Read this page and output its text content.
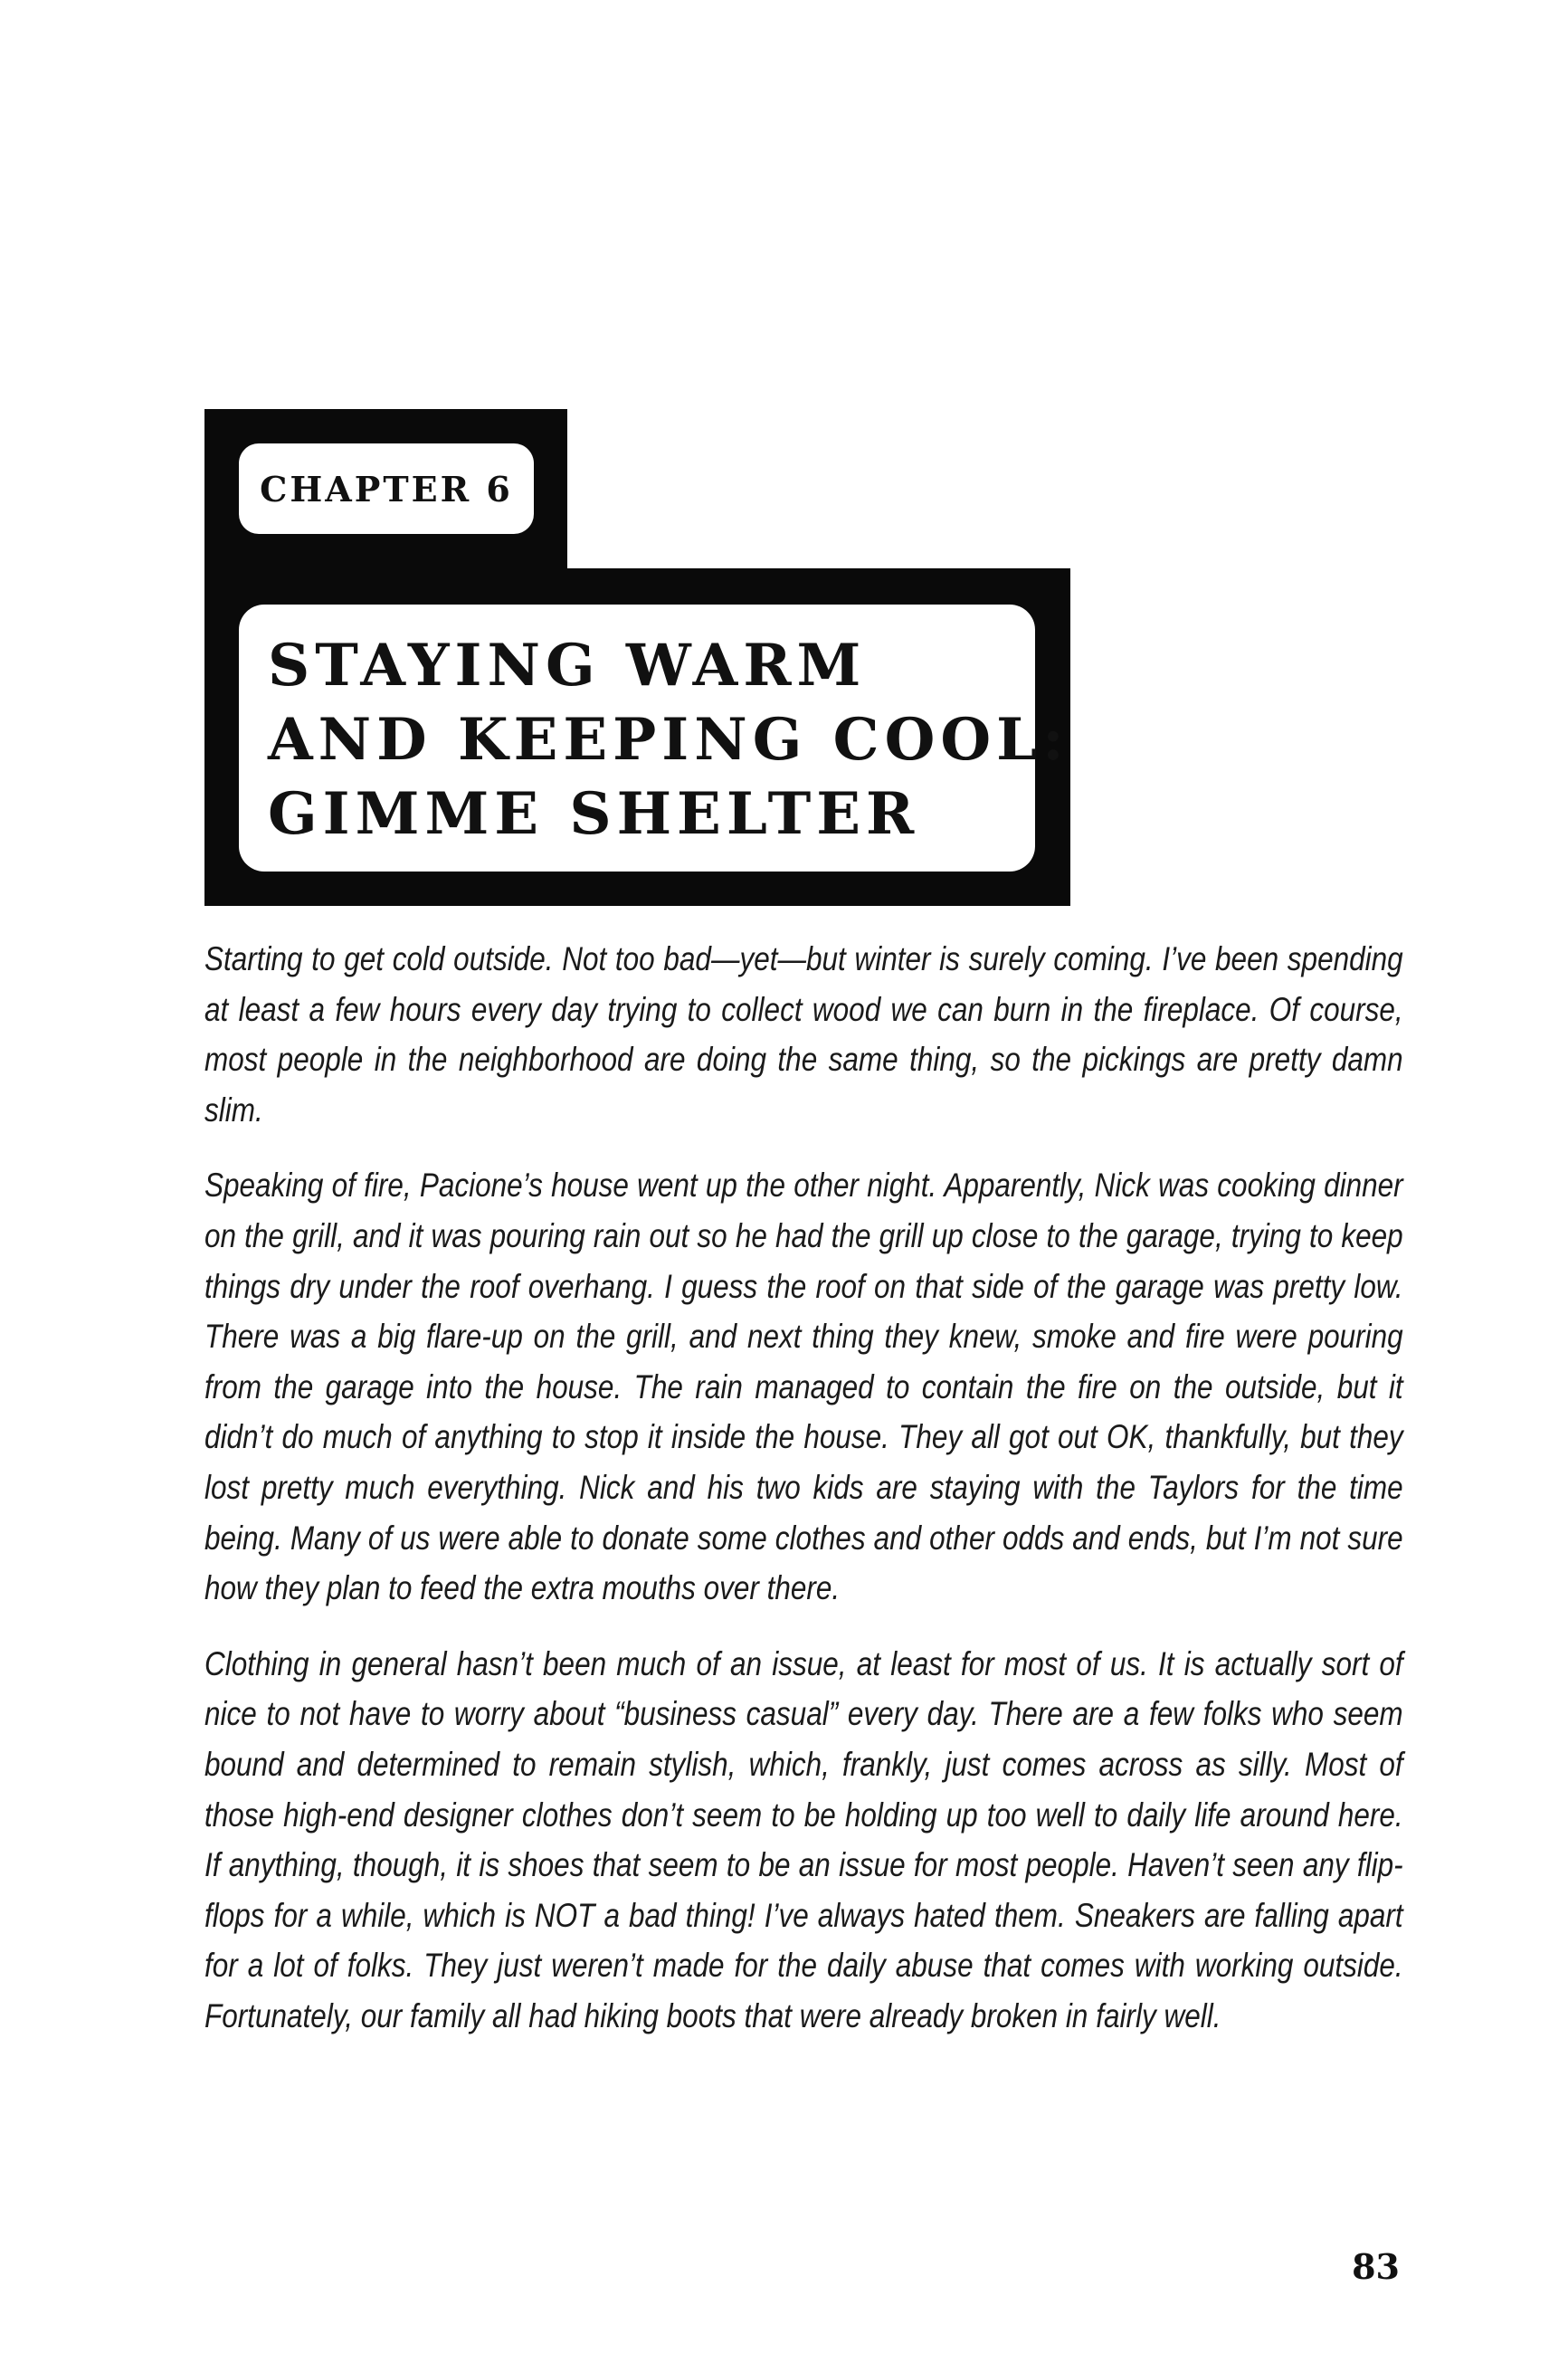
CHAPTER 6
STAYING WARM
AND KEEPING COOL:
GIMME SHELTER

Starting to get cold outside. Not too bad—yet—but winter is surely coming. I’ve been spending at least a few hours every day trying to collect wood we can burn in the fireplace. Of course, most people in the neighborhood are doing the same thing, so the pickings are pretty damn slim.

Speaking of fire, Pacione’s house went up the other night. Apparently, Nick was cooking dinner on the grill, and it was pouring rain out so he had the grill up close to the garage, trying to keep things dry under the roof overhang. I guess the roof on that side of the garage was pretty low. There was a big flare-up on the grill, and next thing they knew, smoke and fire were pouring from the garage into the house. The rain managed to contain the fire on the outside, but it didn’t do much of anything to stop it inside the house. They all got out OK, thankfully, but they lost pretty much everything. Nick and his two kids are staying with the Taylors for the time being. Many of us were able to donate some clothes and other odds and ends, but I’m not sure how they plan to feed the extra mouths over there.

Clothing in general hasn’t been much of an issue, at least for most of us. It is actually sort of nice to not have to worry about “business casual” every day. There are a few folks who seem bound and determined to remain stylish, which, frankly, just comes across as silly. Most of those high-end designer clothes don’t seem to be holding up too well to daily life around here. If anything, though, it is shoes that seem to be an issue for most people. Haven’t seen any flip-flops for a while, which is NOT a bad thing! I’ve always hated them. Sneakers are falling apart for a lot of folks. They just weren’t made for the daily abuse that comes with working outside. Fortunately, our family all had hiking boots that were already broken in fairly well.

83
